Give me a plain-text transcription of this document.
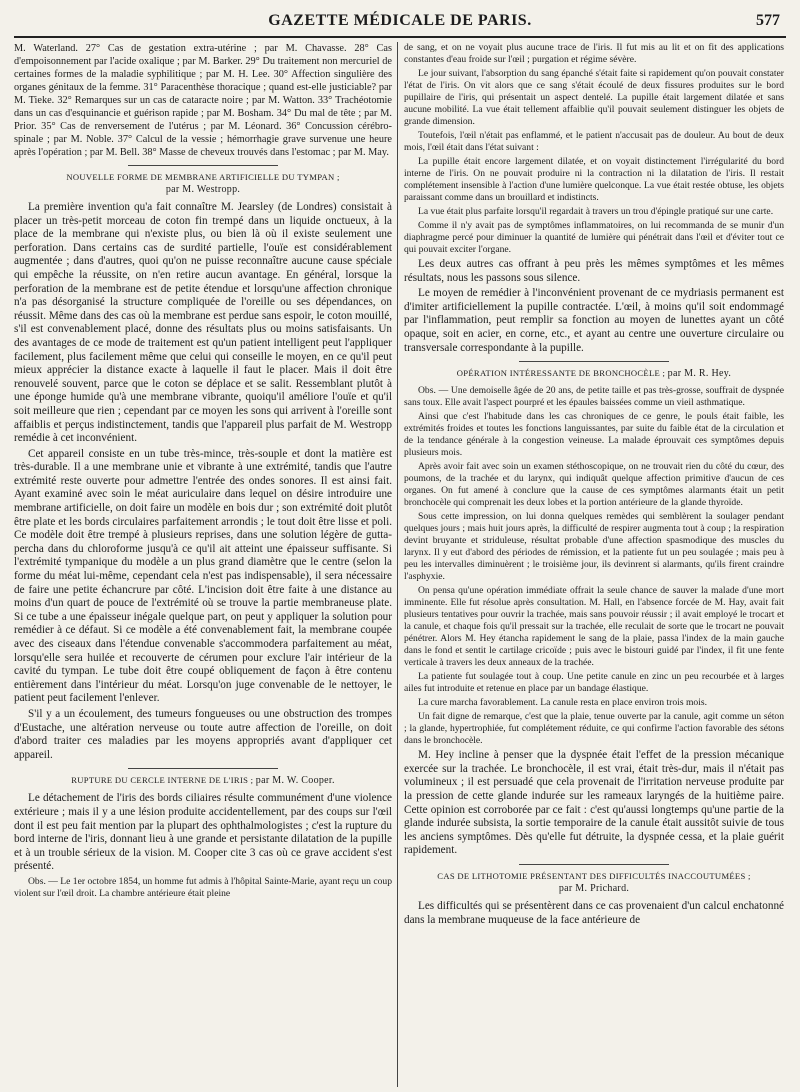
GAZETTE MÉDICALE DE PARIS.	577

M. Waterland. 27° Cas de gestation extra-utérine ; par M. Chavasse. 28° Cas d'empoisonnement par l'acide oxalique ; par M. Barker. 29° Du traitement non mercuriel de certaines formes de la maladie syphilitique ; par M. H. Lee. 30° Affection singulière des organes génitaux de la femme. 31° Paracenthèse thoracique ; quand est-elle justiciable? par M. Tieke. 32° Remarques sur un cas de cataracte noire ; par M. Watton. 33° Trachéotomie dans un cas d'esquinancie et guérison rapide ; par M. Bosham. 34° Du mal de tête ; par M. Prior. 35° Cas de renversement de l'utérus ; par M. Léonard. 36° Concussion cérébro-spinale ; par M. Noble. 37° Calcul de la vessie ; hémorrhagie grave survenue une heure après l'opération ; par M. Bell. 38° Masse de cheveux trouvés dans l'estomac ; par M. May.

NOUVELLE FORME DE MEMBRANE ARTIFICIELLE DU TYMPAN ;
par M. Westropp.

La première invention qu'a fait connaître M. Jearsley (de Londres) consistait à placer un très-petit morceau de coton fin trempé dans un liquide onctueux, à la place de la membrane qui n'existe plus, ou bien là où il existe seulement une perforation. Dans certains cas de surdité partielle, l'ouïe est considérablement augmentée ; dans d'autres, quoi qu'on ne puisse reconnaître aucune cause spéciale qui empêche la réussite, on n'en retire aucun avantage. En général, lorsque la perforation de la membrane est de petite étendue et lorsqu'une affection chronique n'a pas désorganisé la structure compliquée de l'oreille ou ses dépendances, on réussit. Même dans des cas où la membrane est perdue sans espoir, le coton mouillé, s'il est convenablement placé, donne des résultats plus ou moins satisfaisants. Un des avantages de ce mode de traitement est qu'un patient intelligent peut l'appliquer facilement, plus facilement même que celui qui conseille le moyen, en ce qu'il peut mieux apprécier la distance exacte à laquelle il faut le placer. Mais il doit être renouvelé souvent, parce que le coton se déplace et se salit. Ressemblant plutôt à une éponge humide qu'à une membrane vibrante, quoiqu'il améliore l'ouïe et qu'il soit meilleure que rien ; cependant par ce moyen les sons qui arrivent à l'oreille sont affaiblis et perçus indistinctement, tandis que l'appareil plus parfait de M. Westropp remédie à cet inconvénient.

Cet appareil consiste en un tube très-mince, très-souple et dont la matière est très-durable. Il a une membrane unie et vibrante à une extrémité, tandis que l'autre extrémité reste ouverte pour admettre l'entrée des ondes sonores. Il est ainsi fait. Ayant examiné avec soin le méat auriculaire dans lequel on désire introduire une membrane artificielle, on doit faire un modèle en bois dur ; son extrémité doit plutôt être plate et les bords circulaires parfaitement arrondis ; le tout doit être lisse et poli. Ce modèle doit être trempé à plusieurs reprises, dans une solution légère de gutta-percha dans du chloroforme jusqu'à ce qu'il ait atteint une épaisseur suffisante. Si l'extrémité tympanique du modèle a un plus grand diamètre que le centre (selon la forme du méat lui-même, cependant cela n'est pas indispensable), il sera nécessaire de faire une petite échancrure par côté. L'incision doit être faite à une distance au moins d'un quart de pouce de l'extrémité où se trouve la partie membraneuse plate. Si ce tube a une épaisseur inégale quelque part, on peut y appliquer la solution pour remédier à ce défaut. Si ce modèle a été convenablement fait, la membrane coupée avec des ciseaux dans l'étendue convenable s'accommodera parfaitement au méat, lorsqu'elle sera huilée et recouverte de cérumen pour exclure l'air intérieur de la cavité du tympan. Le tube doit être coupé obliquement de façon à être contenu entièrement dans l'intérieur du méat. Lorsqu'on juge convenable de le nettoyer, le patient peut facilement l'enlever.

S'il y a un écoulement, des tumeurs fongueuses ou une obstruction des trompes d'Eustache, une altération nerveuse ou toute autre affection de l'oreille, on doit d'abord traiter ces maladies par les moyens appropriés avant d'appliquer cet appareil.

RUPTURE DU CERCLE INTERNE DE L'IRIS ; par M. W. Cooper.

Le détachement de l'iris des bords ciliaires résulte communément d'une violence extérieure ; mais il y a une lésion produite accidentellement, par des coups sur l'œil dont il est peu fait mention par la plupart des ophthalmologistes ; c'est la rupture du bord interne de l'iris, donnant lieu à une grande et persistante dilatation de la pupille et à un trouble sérieux de la vision. M. Cooper cite 3 cas où ce grave accident s'est présenté.

Obs. — Le 1er octobre 1854, un homme fut admis à l'hôpital Sainte-Marie, ayant reçu un coup violent sur l'œil droit. La chambre antérieure était pleine

de sang, et on ne voyait plus aucune trace de l'iris. Il fut mis au lit et on fit des applications constantes d'eau froide sur l'œil ; purgation et régime sévère.

Le jour suivant, l'absorption du sang épanché s'était faite si rapidement qu'on pouvait constater l'état de l'iris. On vit alors que ce sang s'était écoulé de deux fissures produites sur le bord pupillaire de l'iris, qui présentait un aspect dentelé. La pupille était largement dilatée et sans aucune mobilité. La vue était tellement affaiblie qu'il pouvait seulement distinguer les objets de grande dimension.

Toutefois, l'œil n'était pas enflammé, et le patient n'accusait pas de douleur. Au bout de deux mois, l'œil était dans l'état suivant :

La pupille était encore largement dilatée, et on voyait distinctement l'irrégularité du bord interne de l'iris. On ne pouvait produire ni la contraction ni la dilatation de l'iris. Il restait complétement insensible à l'action d'une lumière quelconque. La vue était restée obtuse, les objets paraissant comme dans un brouillard et indistincts.

La vue était plus parfaite lorsqu'il regardait à travers un trou d'épingle pratiqué sur une carte.

Comme il n'y avait pas de symptômes inflammatoires, on lui recommanda de se munir d'un diaphragme percé pour diminuer la quantité de lumière qui pénétrait dans l'œil et d'éviter tout ce qui pouvait exciter l'organe.

Les deux autres cas offrant à peu près les mêmes symptômes et les mêmes résultats, nous les passons sous silence.

Le moyen de remédier à l'inconvénient provenant de ce mydriasis permanent est d'imiter artificiellement la pupille contractée. L'œil, à moins qu'il soit endommagé par l'inflammation, peut remplir sa fonction au moyen de lunettes ayant un côté opaque, soit en acier, en corne, etc., et ayant au centre une ouverture circulaire ou transversale correspondante à la pupille.

OPÉRATION INTÉRESSANTE DE BRONCHOCÈLE ; par M. R. Hey.

Obs. — Une demoiselle âgée de 20 ans, de petite taille et pas très-grosse, souffrait de dyspnée sans toux. Elle avait l'aspect pourpré et les épaules baissées comme un vieil asthmatique.

Ainsi que c'est l'habitude dans les cas chroniques de ce genre, le pouls était faible, les extrémités froides et toutes les fonctions languissantes, par suite du faible état de la circulation et de la tendance générale à la congestion veineuse. La malade éprouvait ces symptômes depuis plusieurs mois.

Après avoir fait avec soin un examen stéthoscopique, on ne trouvait rien du côté du cœur, des poumons, de la trachée et du larynx, qui indiquât quelque affection primitive d'aucun de ces organes. On fut amené à conclure que la cause de ces symptômes alarmants était un petit bronchocèle qui comprenait les deux lobes et la portion antérieure de la glande thyroïde.

Sous cette impression, on lui donna quelques remèdes qui semblèrent la soulager pendant quelques jours ; mais huit jours après, la difficulté de respirer augmenta tout à coup ; la respiration devint bruyante et striduleuse, résultat probable d'une affection spasmodique des muscles du larynx. Il y eut d'abord des périodes de rémission, et la patiente fut un peu soulagée ; mais peu à peu les intervalles diminuèrent ; le troisième jour, ils devinrent si alarmants, qu'ils firent craindre l'asphyxie.

On pensa qu'une opération immédiate offrait la seule chance de sauver la malade d'une mort imminente. Elle fut résolue après consultation. M. Hall, en l'absence forcée de M. Hay, avait fait plusieurs tentatives pour ouvrir la trachée, mais sans pouvoir réussir ; il avait employé le trocart et la canule, et chaque fois qu'il pressait sur la trachée, elle reculait de sorte que le trocart ne pouvait pénétrer. Alors M. Hey étancha rapidement le sang de la plaie, passa l'index de la main gauche dans le fond et sentit le cartilage cricoïde ; puis avec le bistouri guidé par l'index, il fit une fente verticale à travers les deux anneaux de la trachée.

La patiente fut soulagée tout à coup. Une petite canule en zinc un peu recourbée et à larges ailes fut introduite et retenue en place par un bandage élastique.

La cure marcha favorablement. La canule resta en place environ trois mois.

Un fait digne de remarque, c'est que la plaie, tenue ouverte par la canule, agit comme un séton ; la glande, hypertrophiée, fut complétement réduite, ce qui confirme l'action favorable des sétons dans le bronchocèle.

M. Hey incline à penser que la dyspnée était l'effet de la pression mécanique exercée sur la trachée. Le bronchocèle, il est vrai, était très-dur, mais il n'était pas volumineux ; il est persuadé que cela provenait de l'irritation nerveuse produite par la pression de cette glande indurée sur les rameaux laryngés de la huitième paire. Cette opinion est corroborée par ce fait : c'est qu'aussi longtemps qu'une partie de la glande indurée subsista, la sortie temporaire de la canule était aussitôt suivie de tous les anciens symptômes. Dès qu'elle fut détruite, la dyspnée cessa, et la plaie guérit rapidement.

CAS DE LITHOTOMIE PRÉSENTANT DES DIFFICULTÉS INACCOUTUMÉES ;
par M. Prichard.

Les difficultés qui se présentèrent dans ce cas provenaient d'un calcul enchatonné dans la membrane muqueuse de la face antérieure de
